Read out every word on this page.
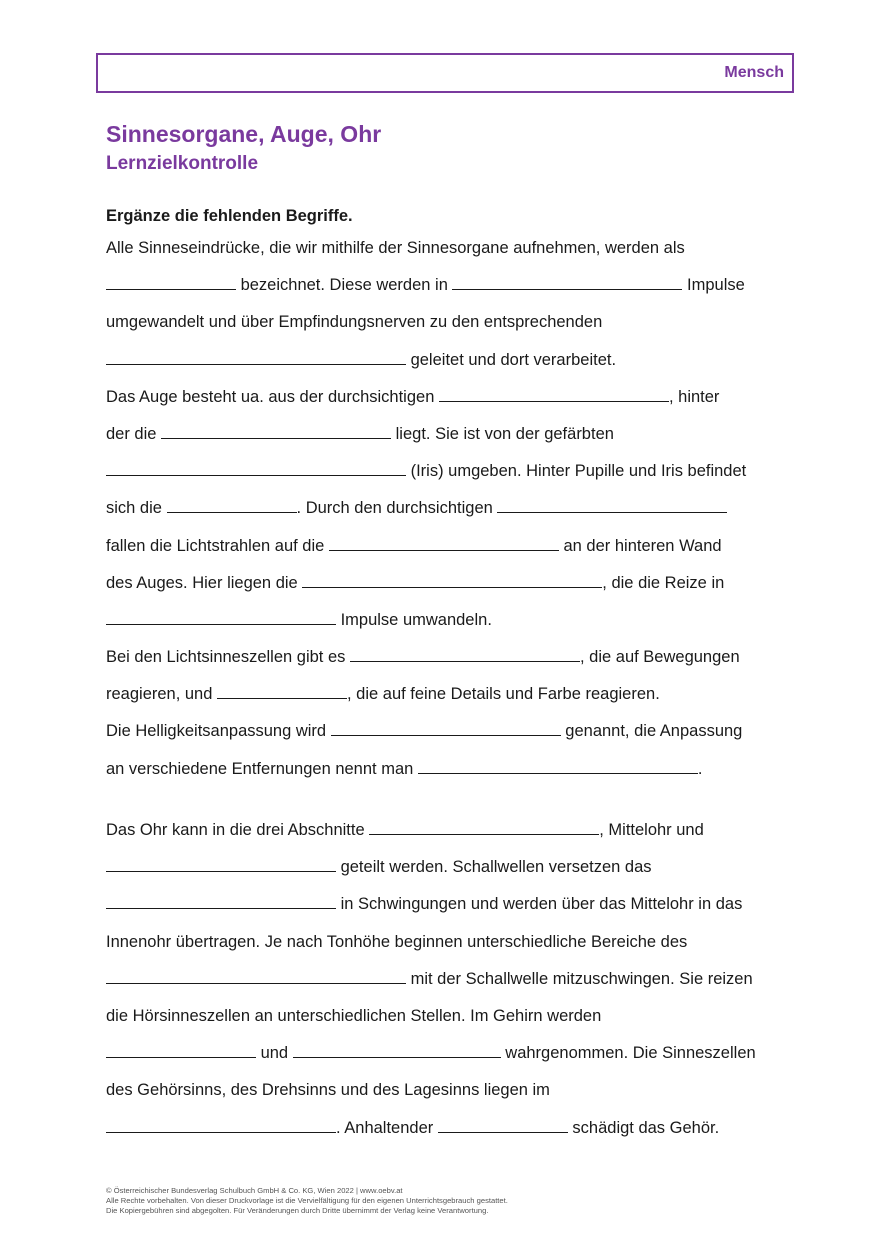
Mensch
Sinnesorgane, Auge, Ohr
Lernzielkontrolle
Ergänze die fehlenden Begriffe.
Alle Sinneseindrücke, die wir mithilfe der Sinnesorgane aufnehmen, werden als
bezeichnet. Diese werden in	Impulse
umgewandelt und über Empfindungsnerven zu den entsprechenden
geleitet und dort verarbeitet.
Das Auge besteht ua. aus der durchsichtigen	, hinter
der die	liegt. Sie ist von der gefärbten
(Iris) umgeben. Hinter Pupille und Iris befindet
sich die	. Durch den durchsichtigen
fallen die Lichtstrahlen auf die	an der hinteren Wand
des Auges. Hier liegen die	, die die Reize in
Impulse umwandeln.
Bei den Lichtsinneszellen gibt es	, die auf Bewegungen
reagieren, und	, die auf feine Details und Farbe reagieren.
Die Helligkeitsanpassung wird	genannt, die Anpassung
an verschiedene Entfernungen nennt man	.
Das Ohr kann in die drei Abschnitte	, Mittelohr und
geteilt werden. Schallwellen versetzen das
in Schwingungen und werden über das Mittelohr in das
Innenohr übertragen. Je nach Tonhöhe beginnen unterschiedliche Bereiche des
mit der Schallwelle mitzuschwingen. Sie reizen
die Hörsinneszellen an unterschiedlichen Stellen. Im Gehirn werden
und	wahrgenommen. Die Sinneszellen
des Gehörsinns, des Drehsinns und des Lagesinns liegen im
. Anhaltender	schädigt das Gehör.
© Österreichischer Bundesverlag Schulbuch GmbH & Co. KG, Wien 2022 | www.oebv.at
Alle Rechte vorbehalten. Von dieser Druckvorlage ist die Vervielfältigung für den eigenen Unterrichtsgebrauch gestattet.
Die Kopiergebühren sind abgegolten. Für Veränderungen durch Dritte übernimmt der Verlag keine Verantwortung.
